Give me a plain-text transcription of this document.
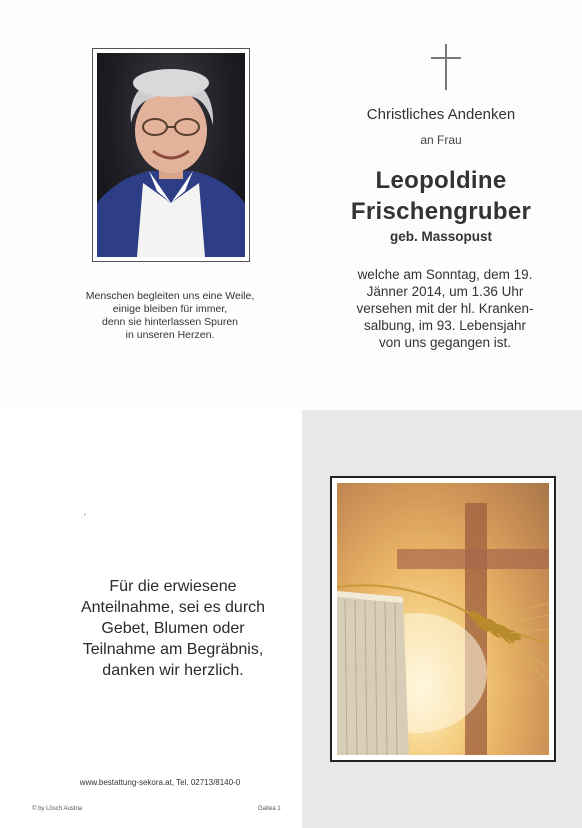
Menschen begleiten uns eine Weile,
einige bleiben für immer,
denn sie hinterlassen Spuren
in unseren Herzen.
Christliches Andenken
an Frau
Leopoldine
Frischengruber
geb. Massopust
welche am Sonntag, dem 19.
Jänner 2014, um 1.36 Uhr
versehen mit der hl. Kranken-
salbung, im 93. Lebensjahr
von uns gegangen ist.
'
Für die erwiesene
Anteilnahme, sei es durch
Gebet, Blumen oder
Teilnahme am Begräbnis,
danken wir herzlich.
www.bestattung-sekora.at, Tel. 02713/8140-0
© by Lösch Austria	Galtea 1
